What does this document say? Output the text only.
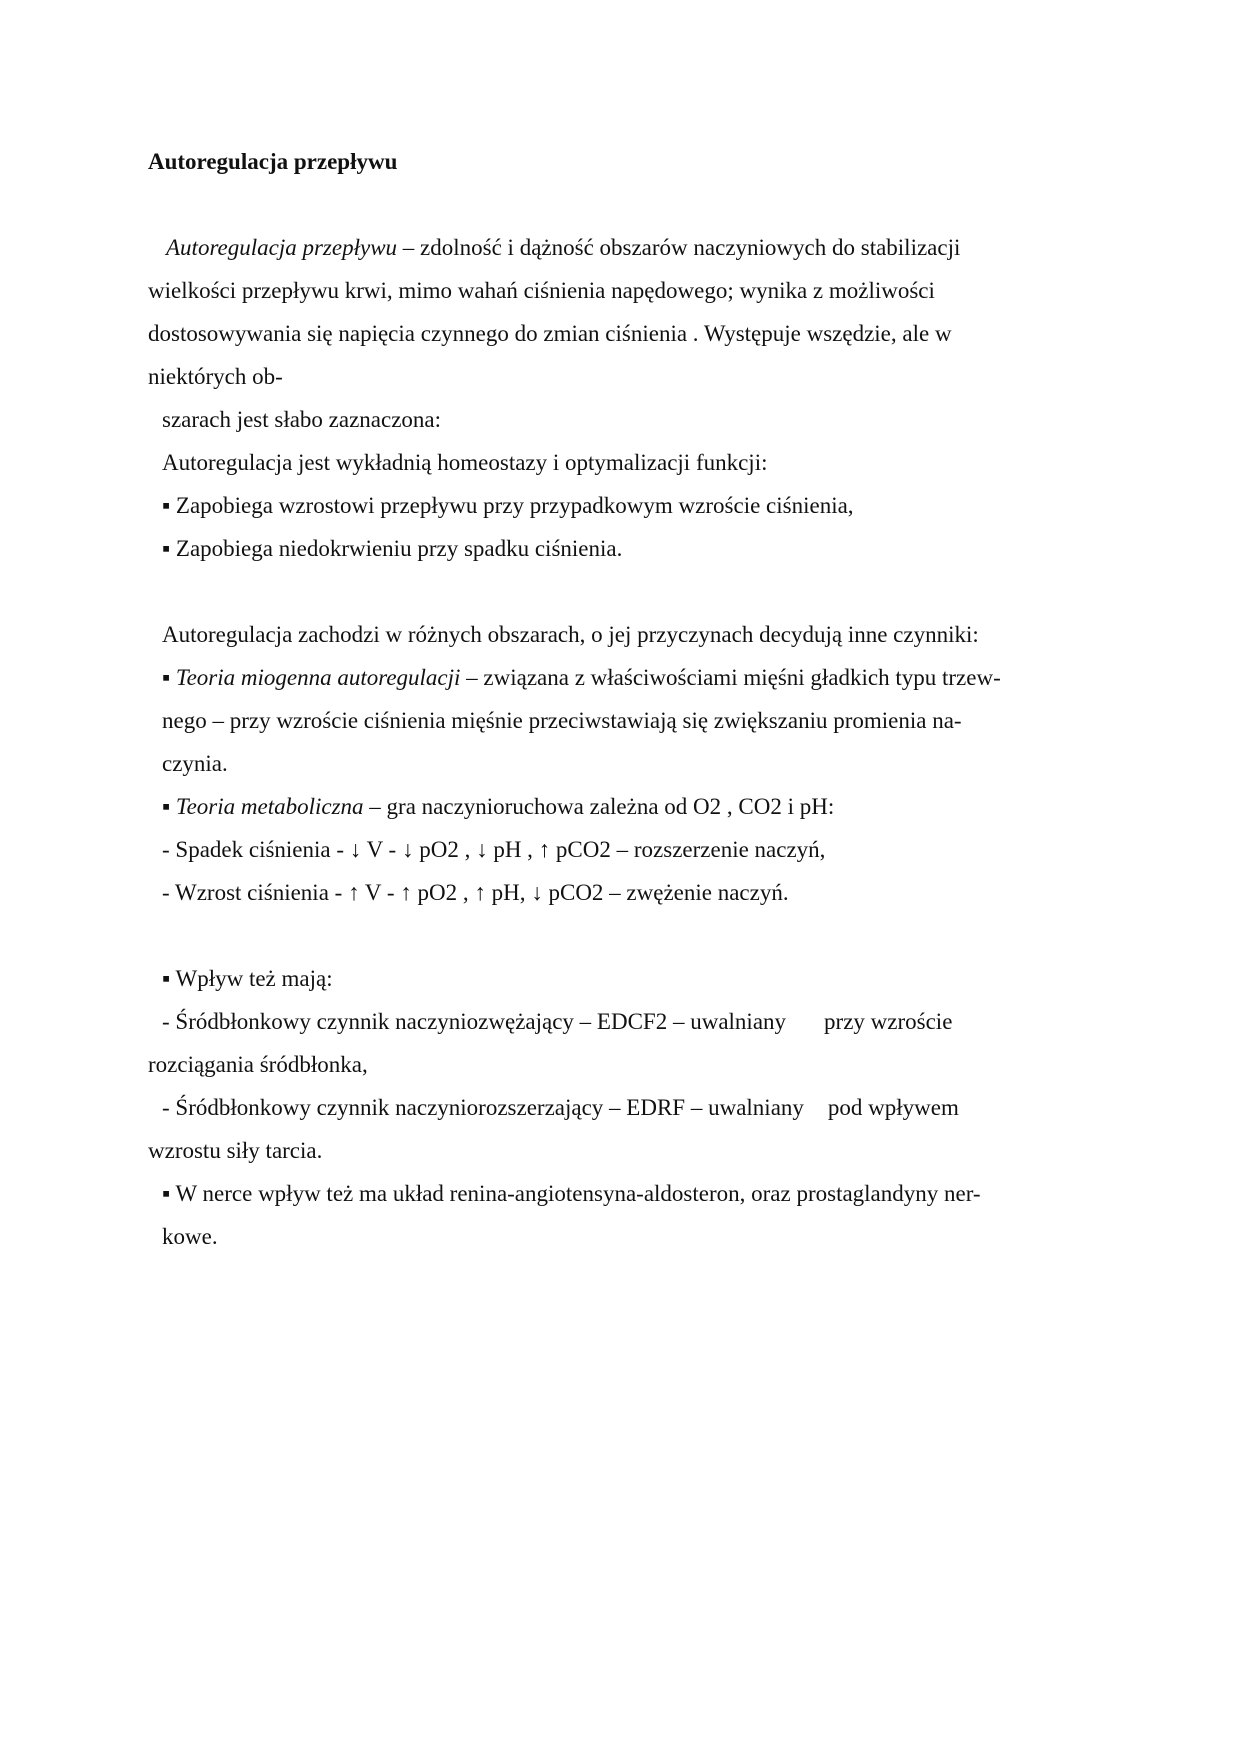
Autoregulacja przepływu
Autoregulacja przepływu – zdolność i dążność obszarów naczyniowych do stabilizacji
wielkości przepływu krwi, mimo wahań ciśnienia napędowego; wynika z możliwości
dostosowywania się napięcia czynnego do zmian ciśnienia . Występuje wszędzie, ale w
niektórych ob-
szarach jest słabo zaznaczona:
Autoregulacja jest wykładnią homeostazy i optymalizacji funkcji:
▪ Zapobiega wzrostowi przepływu przy przypadkowym wzroście ciśnienia,
▪ Zapobiega niedokrwieniu przy spadku ciśnienia.
Autoregulacja zachodzi w różnych obszarach, o jej przyczynach decydują inne czynniki:
▪ Teoria miogenna autoregulacji – związana z właściwościami mięśni gładkich typu trzew-
nego – przy wzroście ciśnienia mięśnie przeciwstawiają się zwiększaniu promienia na-
czynia.
▪ Teoria metaboliczna – gra naczynioruchowa zależna od O2 , CO2 i pH:
- Spadek ciśnienia - ↓ V - ↓ pO2 , ↓ pH , ↑ pCO2 – rozszerzenie naczyń,
- Wzrost ciśnienia - ↑ V - ↑ pO2 , ↑ pH, ↓ pCO2 – zwężenie naczyń.
▪ Wpływ też mają:
- Śródbłonkowy czynnik naczyniozwężający – EDCF2 – uwalniany przy wzroście
rozciągania śródbłonka,
- Śródbłonkowy czynnik naczyniorozszerzający – EDRF – uwalniany pod wpływem
wzrostu siły tarcia.
▪ W nerce wpływ też ma układ renina-angiotensyna-aldosteron, oraz prostaglandyny ner-
kowe.
